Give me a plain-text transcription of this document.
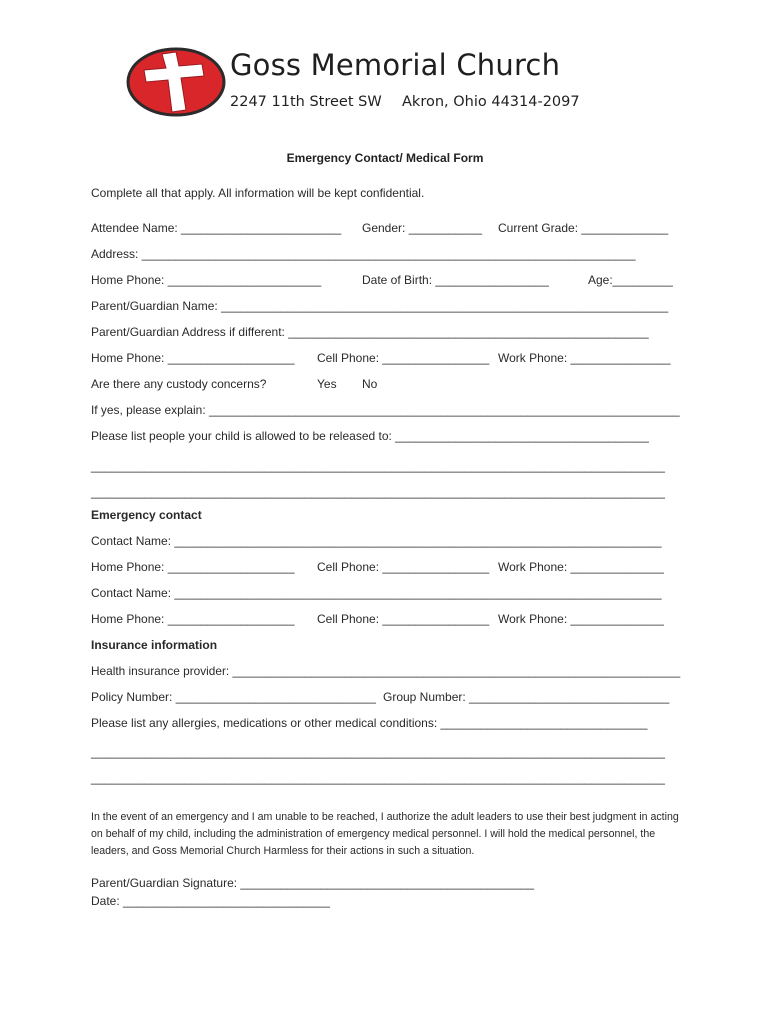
Goss Memorial Church
2247 11th Street SW Akron, Ohio 44314-2097
Emergency Contact/ Medical Form
Complete all that apply. All information will be kept confidential.
Attendee Name: ________________________ Gender: ___________ Current Grade: _____________
Address: __________________________________________________________________________
Home Phone: _______________________	Date of Birth: _________________	Age:_________
Parent/Guardian Name: ___________________________________________________________________
Parent/Guardian Address if different: ______________________________________________________
Home Phone: ___________________ Cell Phone: ________________ Work Phone: _______________
Are there any custody concerns?	Yes No
If yes, please explain: _______________________________________________________________________
Please list people your child is allowed to be released to: ______________________________________
______________________________________________________________________________________
______________________________________________________________________________________
Emergency contact
Contact Name: _________________________________________________________________________
Home Phone: ___________________ Cell Phone: ________________ Work Phone: ______________
Contact Name: _________________________________________________________________________
Home Phone: ___________________ Cell Phone: ________________ Work Phone: ______________
Insurance information
Health insurance provider: ____________________________________________________________________
Policy Number: ______________________________ Group Number: ______________________________
Please list any allergies, medications or other medical conditions: _______________________________
______________________________________________________________________________________
______________________________________________________________________________________
In the event of an emergency and I am unable to be reached, I authorize the adult leaders to use their best judgment in acting on behalf of my child, including the administration of emergency medical personnel. I will hold the medical personnel, the leaders, and Goss Memorial Church Harmless for their actions in such a situation.
Parent/Guardian Signature: ____________________________________________
Date: _______________________________
